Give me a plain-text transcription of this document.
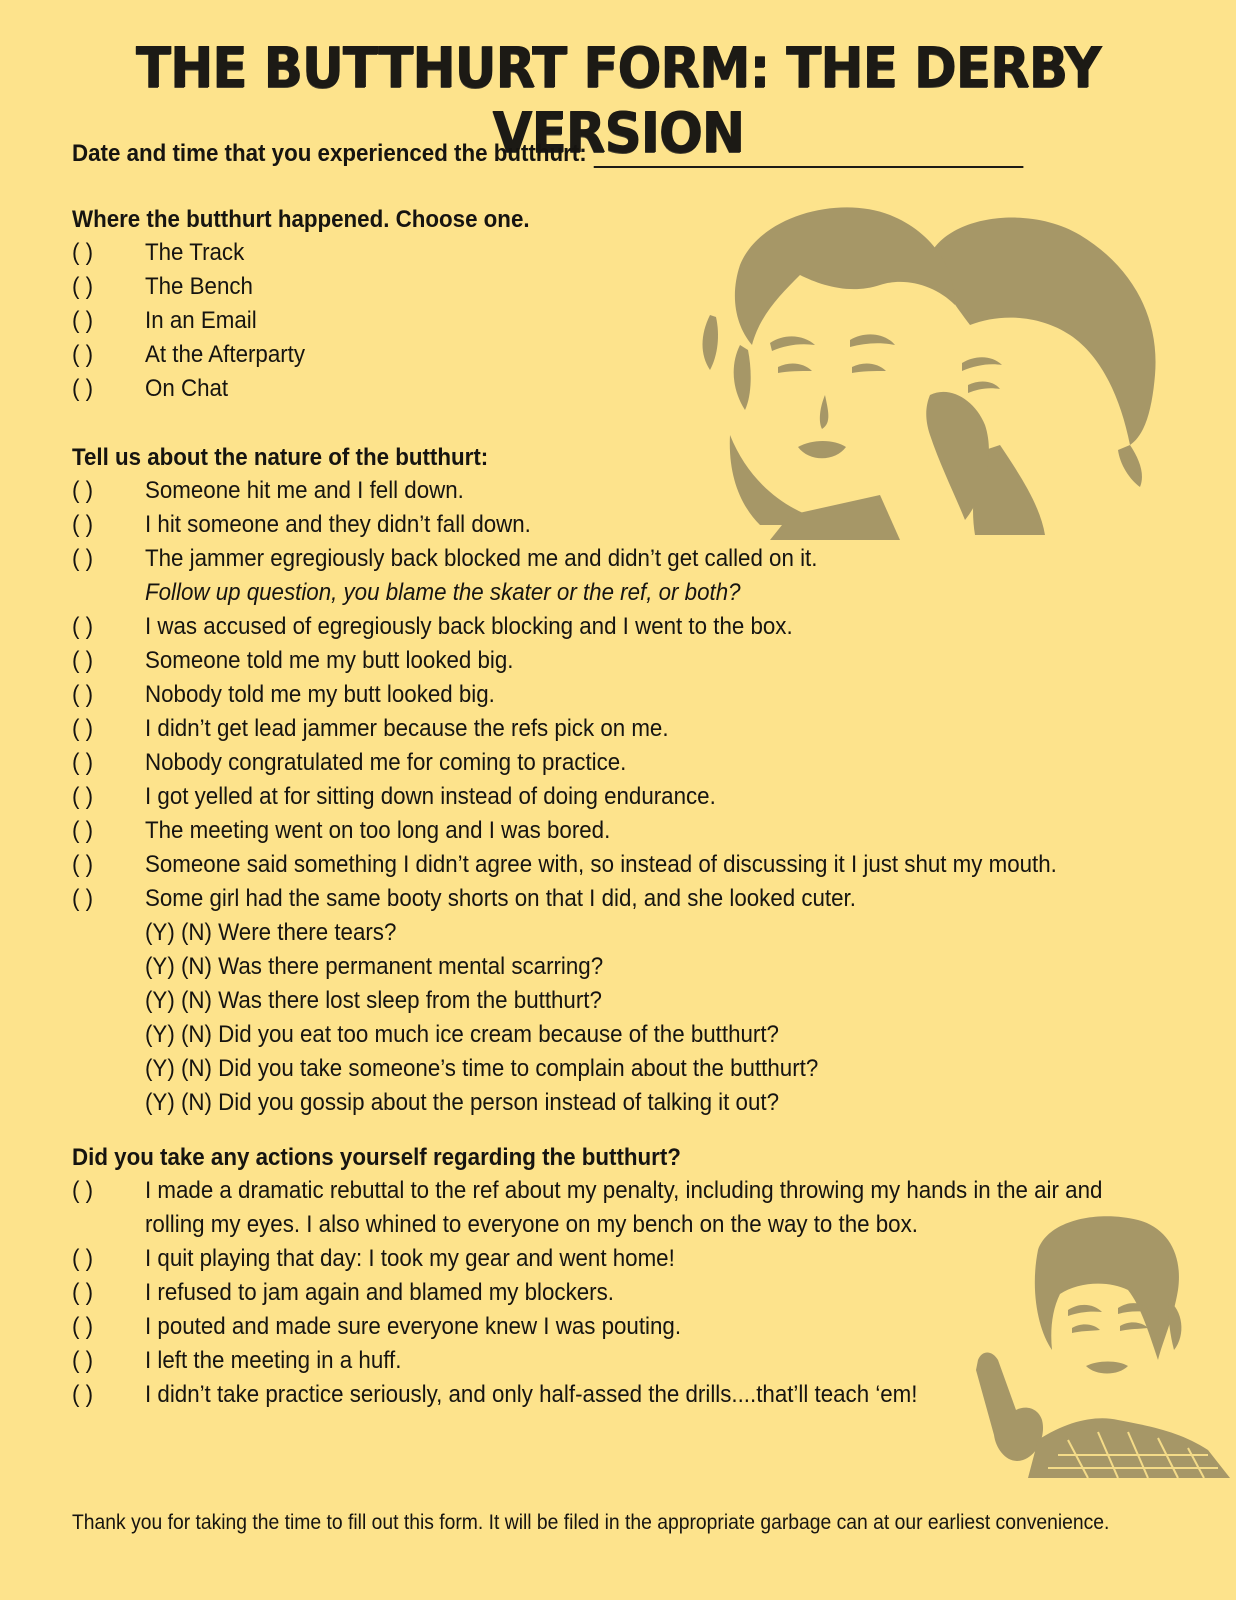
THE BUTTHURT FORM: THE DERBY VERSION
Date and time that you experienced the butthurt:
Where the butthurt happened. Choose one.
( )	The Track
( )	The Bench
( )	In an Email
( )	At the Afterparty
( )	On Chat
Tell us about the nature of the butthurt:
( )	Someone hit me and I fell down.
( )	I hit someone and they didn’t fall down.
( )	The jammer egregiously back blocked me and didn’t get called on it.
Follow up question, you blame the skater or the ref, or both?
( )	I was accused of egregiously back blocking and I went to the box.
( )	Someone told me my butt looked big.
( )	Nobody told me my butt looked big.
( )	I didn’t get lead jammer because the refs pick on me.
( )	Nobody congratulated me for coming to practice.
( )	I got yelled at for sitting down instead of doing endurance.
( )	The meeting went on too long and I was bored.
( )	Someone said something I didn’t agree with, so instead of discussing it I just shut my mouth.
( )	Some girl had the same booty shorts on that I did, and she looked cuter.
(Y) (N) Were there tears?
(Y) (N) Was there permanent mental scarring?
(Y) (N) Was there lost sleep from the butthurt?
(Y) (N) Did you eat too much ice cream because of the butthurt?
(Y) (N) Did you take someone’s time to complain about the butthurt?
(Y) (N) Did you gossip about the person instead of talking it out?
Did you take any actions yourself regarding the butthurt?
( )	I made a dramatic rebuttal to the ref about my penalty, including throwing my hands in the air and
rolling my eyes. I also whined to everyone on my bench on the way to the box.
( )	I quit playing that day: I took my gear and went home!
( )	I refused to jam again and blamed my blockers.
( )	I pouted and made sure everyone knew I was pouting.
( )	I left the meeting in a huff.
( )	I didn’t take practice seriously, and only half-assed the drills....that’ll teach ‘em!
Thank you for taking the time to fill out this form. It will be filed in the appropriate garbage can at our earliest convenience.
